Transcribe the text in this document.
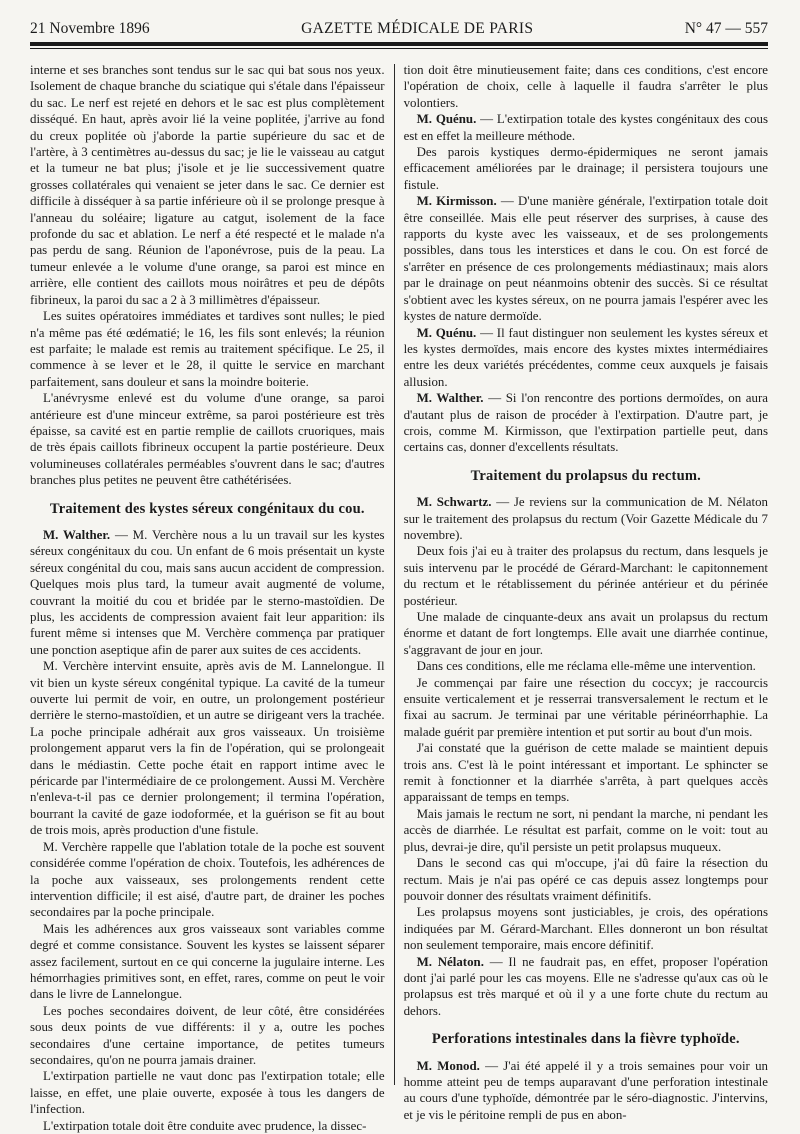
21 Novembre 1896	GAZETTE MÉDICALE DE PARIS	N° 47 — 557

interne et ses branches sont tendus sur le sac qui bat sous nos yeux. Isolement de chaque branche du sciatique qui s'étale dans l'épaisseur du sac. Le nerf est rejeté en dehors et le sac est plus complètement disséqué. En haut, après avoir lié la veine poplitée, j'arrive au fond du creux poplitée où j'aborde la partie supérieure du sac et de l'artère, à 3 centimètres au-dessus du sac; je lie le vaisseau au catgut et la tumeur ne bat plus; j'isole et je lie successivement quatre grosses collatérales qui venaient se jeter dans le sac. Ce dernier est difficile à disséquer à sa partie inférieure où il se prolonge presque à l'anneau du soléaire; ligature au catgut, isolement de la face profonde du sac et ablation. Le nerf a été respecté et le malade n'a pas perdu de sang. Réunion de l'aponévrose, puis de la peau. La tumeur enlevée a le volume d'une orange, sa paroi est mince en arrière, elle contient des caillots mous noirâtres et peu de dépôts fibrineux, la paroi du sac a 2 à 3 millimètres d'épaisseur.

Les suites opératoires immédiates et tardives sont nulles; le pied n'a même pas été œdématié; le 16, les fils sont enlevés; la réunion est parfaite; le malade est remis au traitement spécifique. Le 25, il commence à se lever et le 28, il quitte le service en marchant parfaitement, sans douleur et sans la moindre boiterie.

L'anévrysme enlevé est du volume d'une orange, sa paroi antérieure est d'une minceur extrême, sa paroi postérieure est très épaisse, sa cavité est en partie remplie de caillots cruoriques, mais de très épais caillots fibrineux occupent la partie postérieure. Deux volumineuses collatérales perméables s'ouvrent dans le sac; d'autres branches plus petites ne peuvent être cathétérisées.

Traitement des kystes séreux congénitaux du cou.

M. Walther. — M. Verchère nous a lu un travail sur les kystes séreux congénitaux du cou. Un enfant de 6 mois présentait un kyste séreux congénital du cou, mais sans aucun accident de compression. Quelques mois plus tard, la tumeur avait augmenté de volume, couvrant la moitié du cou et bridée par le sterno-mastoïdien. De plus, les accidents de compression avaient fait leur apparition: ils furent même si intenses que M. Verchère commença par pratiquer une ponction aseptique afin de parer aux suites de ces accidents.

M. Verchère intervint ensuite, après avis de M. Lannelongue. Il vit bien un kyste séreux congénital typique. La cavité de la tumeur ouverte lui permit de voir, en outre, un prolongement postérieur derrière le sterno-mastoïdien, et un autre se dirigeant vers la trachée. La poche principale adhérait aux gros vaisseaux. Un troisième prolongement apparut vers la fin de l'opération, qui se prolongeait dans le médiastin. Cette poche était en rapport intime avec le péricarde par l'intermédiaire de ce prolongement. Aussi M. Verchère n'enleva-t-il pas ce dernier prolongement; il termina l'opération, bourrant la cavité de gaze iodoformée, et la guérison se fit au bout de trois mois, après production d'une fistule.

M. Verchère rappelle que l'ablation totale de la poche est souvent considérée comme l'opération de choix. Toutefois, les adhérences de la poche aux vaisseaux, ses prolongements rendent cette intervention difficile; il est aisé, d'autre part, de drainer les poches secondaires par la poche principale.

Mais les adhérences aux gros vaisseaux sont variables comme degré et comme consistance. Souvent les kystes se laissent séparer assez facilement, surtout en ce qui concerne la jugulaire interne. Les hémorrhagies primitives sont, en effet, rares, comme on peut le voir dans le livre de Lannelongue.

Les poches secondaires doivent, de leur côté, être considérées sous deux points de vue différents: il y a, outre les poches secondaires d'une certaine importance, de petites tumeurs secondaires, qu'on ne pourra jamais drainer.

L'extirpation partielle ne vaut donc pas l'extirpation totale; elle laisse, en effet, une plaie ouverte, exposée à tous les dangers de l'infection.

L'extirpation totale doit être conduite avec prudence, la dissec-

tion doit être minutieusement faite; dans ces conditions, c'est encore l'opération de choix, celle à laquelle il faudra s'arrêter le plus volontiers.

M. Quénu. — L'extirpation totale des kystes congénitaux des cous est en effet la meilleure méthode.

Des parois kystiques dermo-épidermiques ne seront jamais efficacement améliorées par le drainage; il persistera toujours une fistule.

M. Kirmisson. — D'une manière générale, l'extirpation totale doit être conseillée. Mais elle peut réserver des surprises, à cause des rapports du kyste avec les vaisseaux, et de ses prolongements possibles, dans tous les interstices et dans le cou. On est forcé de s'arrêter en présence de ces prolongements médiastinaux; mais alors par le drainage on peut néanmoins obtenir des succès. Si ce résultat s'obtient avec les kystes séreux, on ne pourra jamais l'espérer avec les kystes de nature dermoïde.

M. Quénu. — Il faut distinguer non seulement les kystes séreux et les kystes dermoïdes, mais encore des kystes mixtes intermédiaires entre les deux variétés précédentes, comme ceux auxquels je faisais allusion.

M. Walther. — Si l'on rencontre des portions dermoïdes, on aura d'autant plus de raison de procéder à l'extirpation. D'autre part, je crois, comme M. Kirmisson, que l'extirpation partielle peut, dans certains cas, donner d'excellents résultats.

Traitement du prolapsus du rectum.

M. Schwartz. — Je reviens sur la communication de M. Nélaton sur le traitement des prolapsus du rectum (Voir Gazette Médicale du 7 novembre).

Deux fois j'ai eu à traiter des prolapsus du rectum, dans lesquels je suis intervenu par le procédé de Gérard-Marchant: le capitonnement du rectum et le rétablissement du périnée antérieur et du périnée postérieur.

Une malade de cinquante-deux ans avait un prolapsus du rectum énorme et datant de fort longtemps. Elle avait une diarrhée continue, s'aggravant de jour en jour.

Dans ces conditions, elle me réclama elle-même une intervention.

Je commençai par faire une résection du coccyx; je raccourcis ensuite verticalement et je resserrai transversalement le rectum et le fixai au sacrum. Je terminai par une véritable périnéorrhaphie. La malade guérit par première intention et put sortir au bout d'un mois.

J'ai constaté que la guérison de cette malade se maintient depuis trois ans. C'est là le point intéressant et important. Le sphincter se remit à fonctionner et la diarrhée s'arrêta, à part quelques accès apparaissant de temps en temps.

Mais jamais le rectum ne sort, ni pendant la marche, ni pendant les accès de diarrhée. Le résultat est parfait, comme on le voit: tout au plus, devrai-je dire, qu'il persiste un petit prolapsus muqueux.

Dans le second cas qui m'occupe, j'ai dû faire la résection du rectum. Mais je n'ai pas opéré ce cas depuis assez longtemps pour pouvoir donner des résultats vraiment définitifs.

Les prolapsus moyens sont justiciables, je crois, des opérations indiquées par M. Gérard-Marchant. Elles donneront un bon résultat non seulement temporaire, mais encore définitif.

M. Nélaton. — Il ne faudrait pas, en effet, proposer l'opération dont j'ai parlé pour les cas moyens. Elle ne s'adresse qu'aux cas où le prolapsus est très marqué et où il y a une forte chute du rectum au dehors.

Perforations intestinales dans la fièvre typhoïde.

M. Monod. — J'ai été appelé il y a trois semaines pour voir un homme atteint peu de temps auparavant d'une perforation intestinale au cours d'une typhoïde, démontrée par le séro-diagnostic. J'intervins, et je vis le péritoine rempli de pus en abon-
